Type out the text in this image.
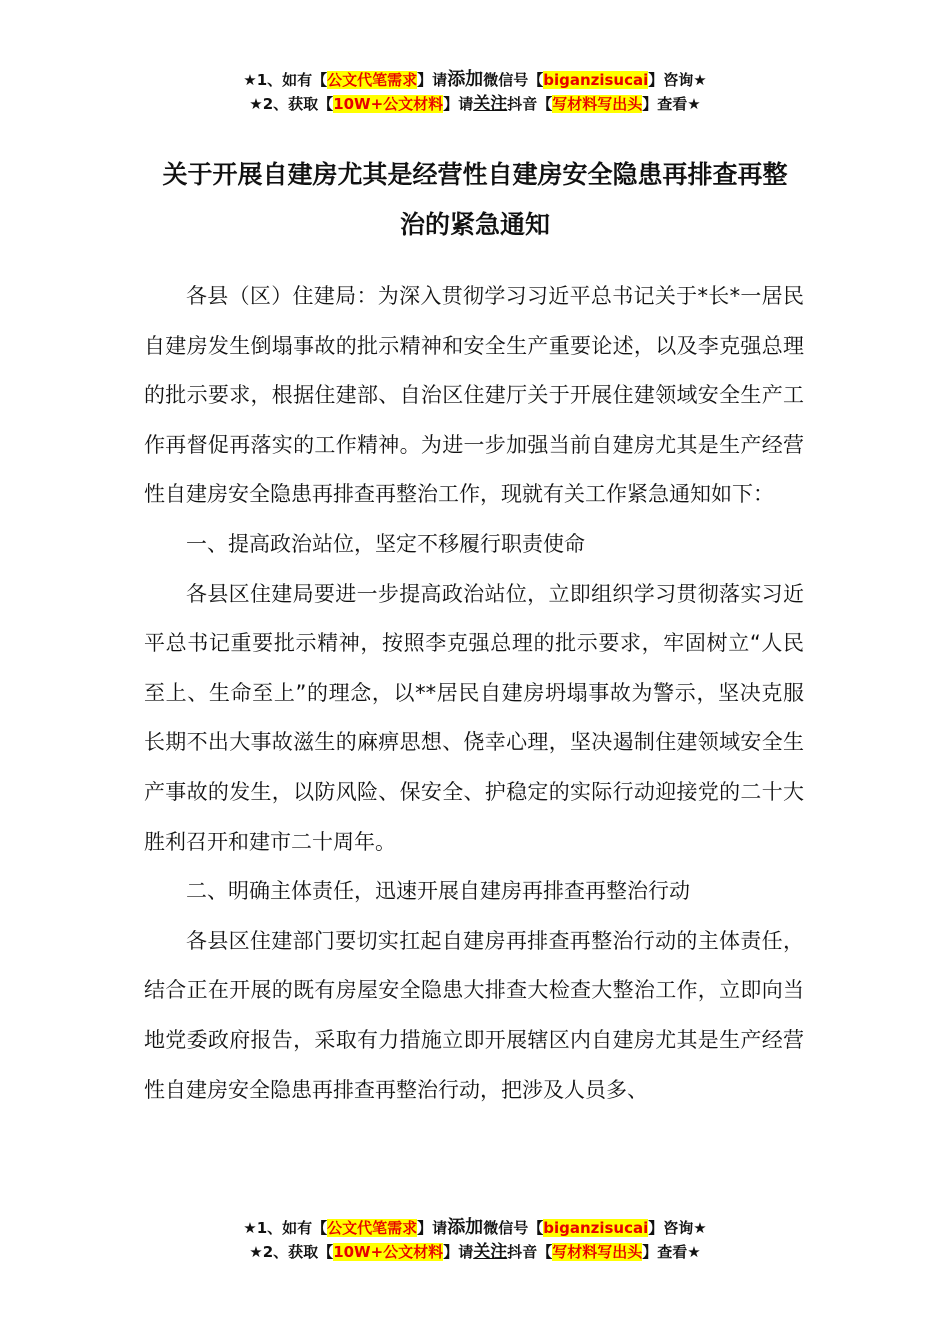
★1、如有【公文代笔需求】请添加微信号【biganzisucai】咨询★
★2、获取【10W+公文材料】请关注抖音【写材料写出头】查看★
关于开展自建房尤其是经营性自建房安全隐患再排查再整
治的紧急通知

各县（区）住建局：为深入贯彻学习习近平总书记关于*长*一居民自建房发生倒塌事故的批示精神和安全生产重要论述，以及李克强总理的批示要求，根据住建部、自治区住建厅关于开展住建领域安全生产工作再督促再落实的工作精神。为进一步加强当前自建房尤其是生产经营性自建房安全隐患再排查再整治工作，现就有关工作紧急通知如下：

一、提高政治站位，坚定不移履行职责使命

各县区住建局要进一步提高政治站位，立即组织学习贯彻落实习近平总书记重要批示精神，按照李克强总理的批示要求，牢固树立“人民至上、生命至上”的理念，以**居民自建房坍塌事故为警示，坚决克服长期不出大事故滋生的麻痹思想、侥幸心理，坚决遏制住建领域安全生产事故的发生，以防风险、保安全、护稳定的实际行动迎接党的二十大胜利召开和建市二十周年。

二、明确主体责任，迅速开展自建房再排查再整治行动

各县区住建部门要切实扛起自建房再排查再整治行动的主体责任，结合正在开展的既有房屋安全隐患大排查大检查大整治工作，立即向当地党委政府报告，采取有力措施立即开展辖区内自建房尤其是生产经营性自建房安全隐患再排查再整治行动，把涉及人员多、

★1、如有【公文代笔需求】请添加微信号【biganzisucai】咨询★
★2、获取【10W+公文材料】请关注抖音【写材料写出头】查看★
